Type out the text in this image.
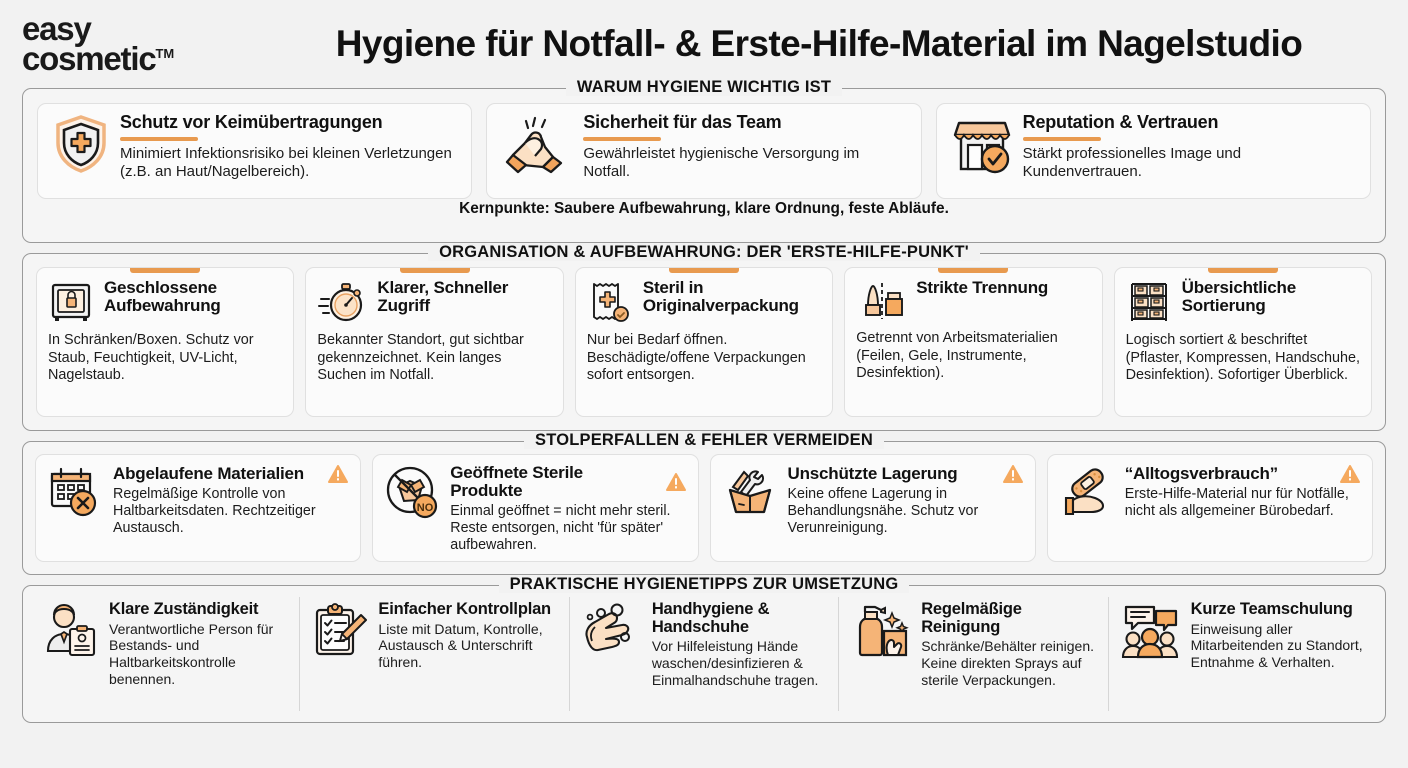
easy
cosmetic™	Hygiene für Notfall- & Erste-Hilfe-Material im Nagelstudio
WARUM HYGIENE WICHTIG IST
Schutz vor Keimübertragungen
Minimiert Infektionsrisiko bei kleinen Verletzungen (z.B. an Haut/Nagelbereich).
Sicherheit für das Team
Gewährleistet hygienische Versorgung im Notfall.
Reputation & Vertrauen
Stärkt professionelles Image und Kundenvertrauen.
Kernpunkte: Saubere Aufbewahrung, klare Ordnung, feste Abläufe.
ORGANISATION & AUFBEWAHRUNG: DER 'ERSTE-HILFE-PUNKT'
Geschlossene Aufbewahrung
In Schränken/Boxen. Schutz vor Staub, Feuchtigkeit, UV-Licht, Nagelstaub.
Klarer, Schneller Zugriff
Bekannter Standort, gut sichtbar gekennzeichnet. Kein langes Suchen im Notfall.
Steril in Originalverpackung
Nur bei Bedarf öffnen. Beschädigte/offene Verpackungen sofort entsorgen.
Strikte Trennung
Getrennt von Arbeitsmaterialien (Feilen, Gele, Instrumente, Desinfektion).
Übersichtliche Sortierung
Logisch sortiert & beschriftet (Pflaster, Kompressen, Handschuhe, Desinfektion). Sofortiger Überblick.
STOLPERFALLEN & FEHLER VERMEIDEN
Abgelaufene Materialien
Regelmäßige Kontrolle von Haltbarkeitsdaten. Rechtzeitiger Austausch.
NO
Geöffnete Sterile Produkte
Einmal geöffnet = nicht mehr steril. Reste entsorgen, nicht 'für später' aufbewahren.
Unschützte Lagerung
Keine offene Lagerung in Behandlungsnähe. Schutz vor Verunreinigung.
“Alltogsverbrauch”
Erste-Hilfe-Material nur für Notfälle, nicht als allgemeiner Bürobedarf.
PRAKTISCHE HYGIENETIPPS ZUR UMSETZUNG
Klare Zuständigkeit
Verantwortliche Person für Bestands- und Haltbarkeitskontrolle benennen.
Einfacher Kontrollplan
Liste mit Datum, Kontrolle, Austausch & Unterschrift führen.
Handhygiene & Handschuhe
Vor Hilfeleistung Hände waschen/desinfizieren & Einmalhandschuhe tragen.
Regelmäßige Reinigung
Schränke/Behälter reinigen. Keine direkten Sprays auf sterile Verpackungen.
Kurze Teamschulung
Einweisung aller Mitarbeitenden zu Standort, Entnahme & Verhalten.
